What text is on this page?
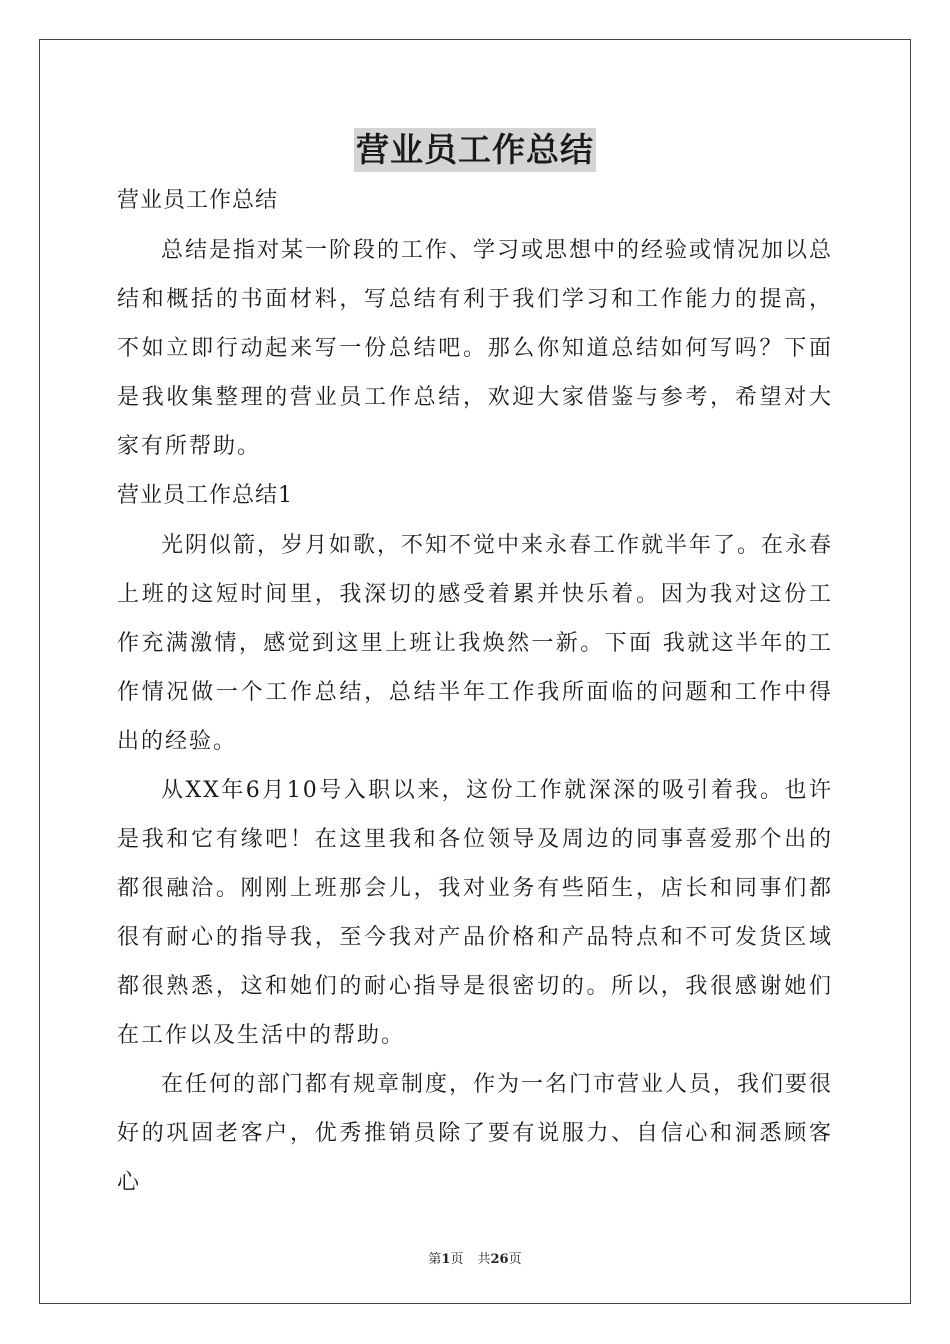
营业员工作总结

营业员工作总结

总结是指对某一阶段的工作、学习或思想中的经验或情况加以总结和概括的书面材料，写总结有利于我们学习和工作能力的提高，不如立即行动起来写一份总结吧。那么你知道总结如何写吗？下面是我收集整理的营业员工作总结，欢迎大家借鉴与参考，希望对大家有所帮助。

营业员工作总结1

光阴似箭，岁月如歌，不知不觉中来永春工作就半年了。在永春上班的这短时间里，我深切的感受着累并快乐着。因为我对这份工作充满激情，感觉到这里上班让我焕然一新。下面 我就这半年的工作情况做一个工作总结，总结半年工作我所面临的问题和工作中得出的经验。

从XX年6月10号入职以来，这份工作就深深的吸引着我。也许是我和它有缘吧！在这里我和各位领导及周边的同事喜爱那个出的都很融洽。刚刚上班那会儿，我对业务有些陌生，店长和同事们都很有耐心的指导我，至今我对产品价格和产品特点和不可发货区域都很熟悉，这和她们的耐心指导是很密切的。所以，我很感谢她们在工作以及生活中的帮助。

在任何的部门都有规章制度，作为一名门市营业人员，我们要很好的巩固老客户，优秀推销员除了要有说服力、自信心和洞悉顾客心

第1页 共26页
